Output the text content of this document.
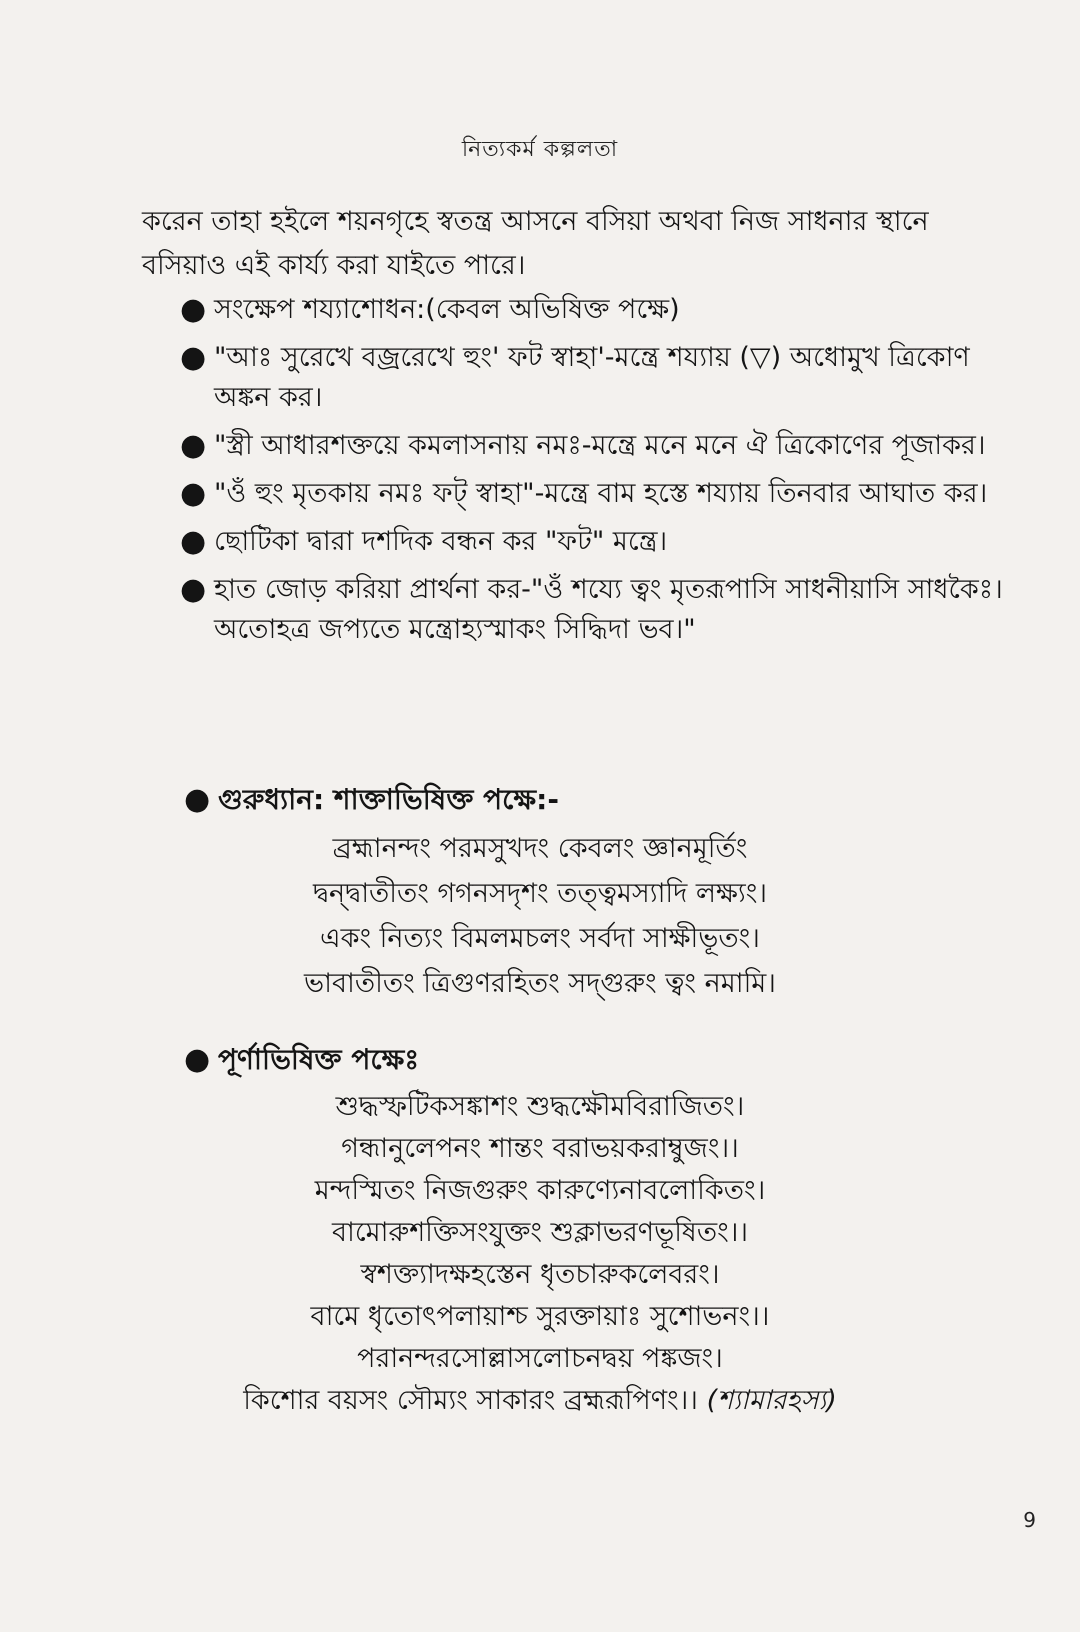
নিত্যকর্ম কল্পলতা

করেন তাহা হইলে শয়নগৃহে স্বতন্ত্র আসনে বসিয়া অথবা নিজ সাধনার স্থানে বসিয়াও এই কার্য্য করা যাইতে পারে।

● সংক্ষেপ শয্যাশোধন:(কেবল অভিষিক্ত পক্ষে)
● "আঃ সুরেখে বজ্ররেখে হুং' ফট স্বাহা'-মন্ত্রে শয্যায় (▽) অধোমুখ ত্রিকোণ অঙ্কন কর।
● "স্ত্রী আধারশক্তয়ে কমলাসনায় নমঃ-মন্ত্রে মনে মনে ঐ ত্রিকোণের পূজাকর।
● "ওঁ হুং মৃতকায় নমঃ ফট্ স্বাহা"-মন্ত্রে বাম হস্তে শয্যায় তিনবার আঘাত কর।
● ছোটিকা দ্বারা দশদিক বন্ধন কর "ফট" মন্ত্রে।
● হাত জোড় করিয়া প্রার্থনা কর-"ওঁ শয্যে ত্বং মৃতরূপাসি সাধনীয়াসি সাধকৈঃ।অতোহত্র জপ্যতে মন্ত্রোহ্যস্মাকং সিদ্ধিদা ভব।"
● গুরুধ্যান: শাক্তাভিষিক্ত পক্ষে:-
ব্রহ্মানন্দং পরমসুখদং কেবলং জ্ঞানমূর্তিং
দ্বন্দ্বাতীতং গগনসদৃশং তত্ত্বমস্যাদি লক্ষ্যং।
একং নিত্যং বিমলমচলং সর্বদা সাক্ষীভূতং।
ভাবাতীতং ত্রিগুণরহিতং সদ্গুরুং ত্বং নমামি।
● পূর্ণাভিষিক্ত পক্ষেঃ
শুদ্ধস্ফটিকসঙ্কাশং শুদ্ধক্ষৌমবিরাজিতং।
গন্ধানুলেপনং শান্তং বরাভয়করাম্বুজং।।
মন্দস্মিতং নিজগুরুং কারুণ্যেনাবলোকিতং।
বামোরুশক্তিসংযুক্তং শুক্লাভরণভূষিতং।।
স্বশক্ত্যাদক্ষহস্তেন ধৃতচারুকলেবরং।
বামে ধৃতোৎপলায়াশ্চ সুরক্তায়াঃ সুশোভনং।।
পরানন্দরসোল্লাসলোচনদ্বয় পঙ্কজং।
কিশোর বয়সং সৌম্যং সাকারং ব্রহ্মরূপিণং।। (শ্যামারহস্য)
9
